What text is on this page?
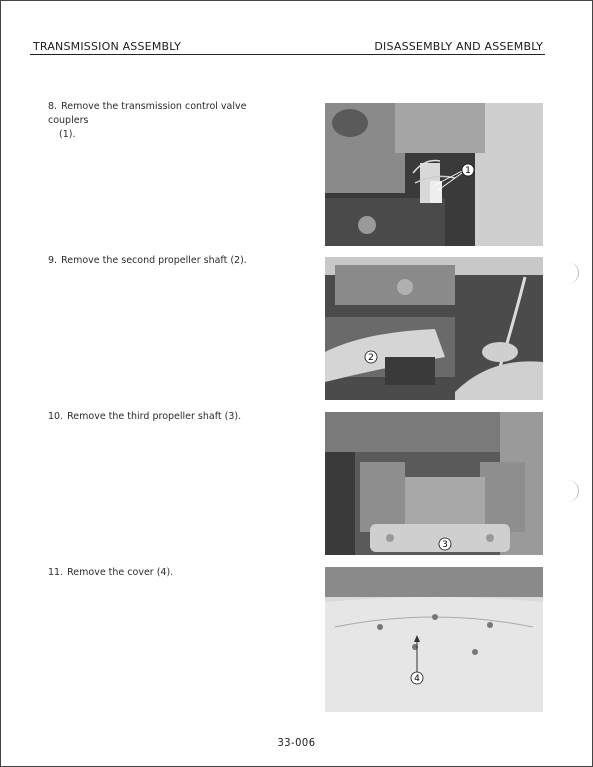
TRANSMISSION ASSEMBLY	DISASSEMBLY AND ASSEMBLY
8. Remove the transmission control valve couplers
(1).
9. Remove the second propeller shaft (2).
10. Remove the third propeller shaft (3).
11. Remove the cover (4).
1
2
3
4
33-006
